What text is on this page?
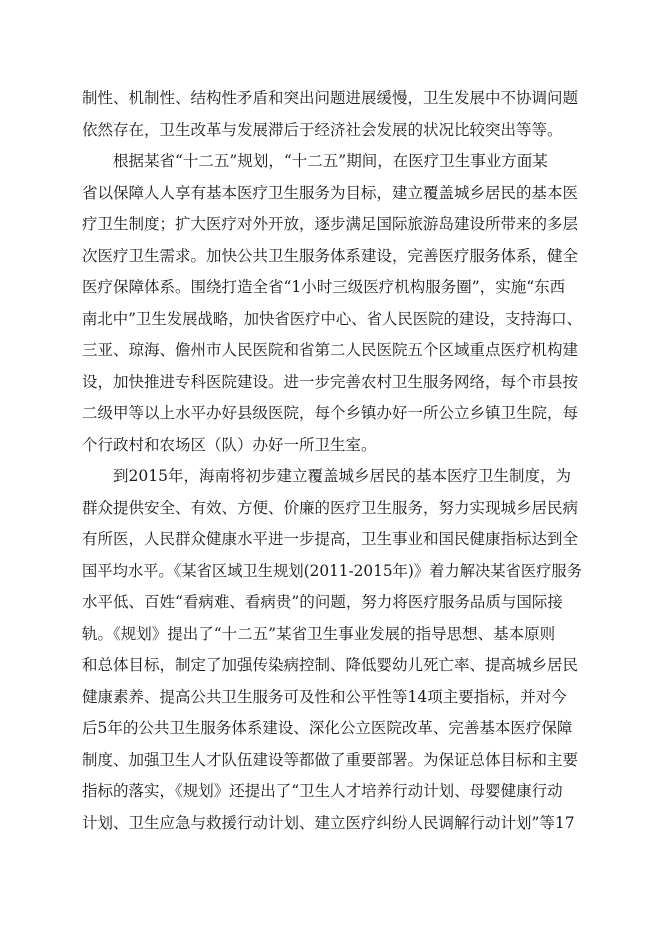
制性、机制性、结构性矛盾和突出问题进展缓慢，卫生发展中不协调问题
依然存在，卫生改革与发展滞后于经济社会发展的状况比较突出等等。
根据某省“十二五”规划，“十二五”期间，在医疗卫生事业方面某
省以保障人人享有基本医疗卫生服务为目标，建立覆盖城乡居民的基本医
疗卫生制度；扩大医疗对外开放，逐步满足国际旅游岛建设所带来的多层
次医疗卫生需求。加快公共卫生服务体系建设，完善医疗服务体系，健全
医疗保障体系。围绕打造全省“1小时三级医疗机构服务圈”，实施“东西
南北中”卫生发展战略，加快省医疗中心、省人民医院的建设，支持海口、
三亚、琼海、儋州市人民医院和省第二人民医院五个区域重点医疗机构建
设，加快推进专科医院建设。进一步完善农村卫生服务网络，每个市县按
二级甲等以上水平办好县级医院，每个乡镇办好一所公立乡镇卫生院，每
个行政村和农场区（队）办好一所卫生室。
到2015年，海南将初步建立覆盖城乡居民的基本医疗卫生制度，为
群众提供安全、有效、方便、价廉的医疗卫生服务，努力实现城乡居民病
有所医，人民群众健康水平进一步提高，卫生事业和国民健康指标达到全
国平均水平。《某省区域卫生规划(2011-2015年)》着力解决某省医疗服务
水平低、百姓“看病难、看病贵”的问题，努力将医疗服务品质与国际接
轨。《规划》提出了“十二五”某省卫生事业发展的指导思想、基本原则
和总体目标，制定了加强传染病控制、降低婴幼儿死亡率、提高城乡居民
健康素养、提高公共卫生服务可及性和公平性等14项主要指标，并对今
后5年的公共卫生服务体系建设、深化公立医院改革、完善基本医疗保障
制度、加强卫生人才队伍建设等都做了重要部署。为保证总体目标和主要
指标的落实，《规划》还提出了“卫生人才培养行动计划、母婴健康行动
计划、卫生应急与救援行动计划、建立医疗纠纷人民调解行动计划”等17
